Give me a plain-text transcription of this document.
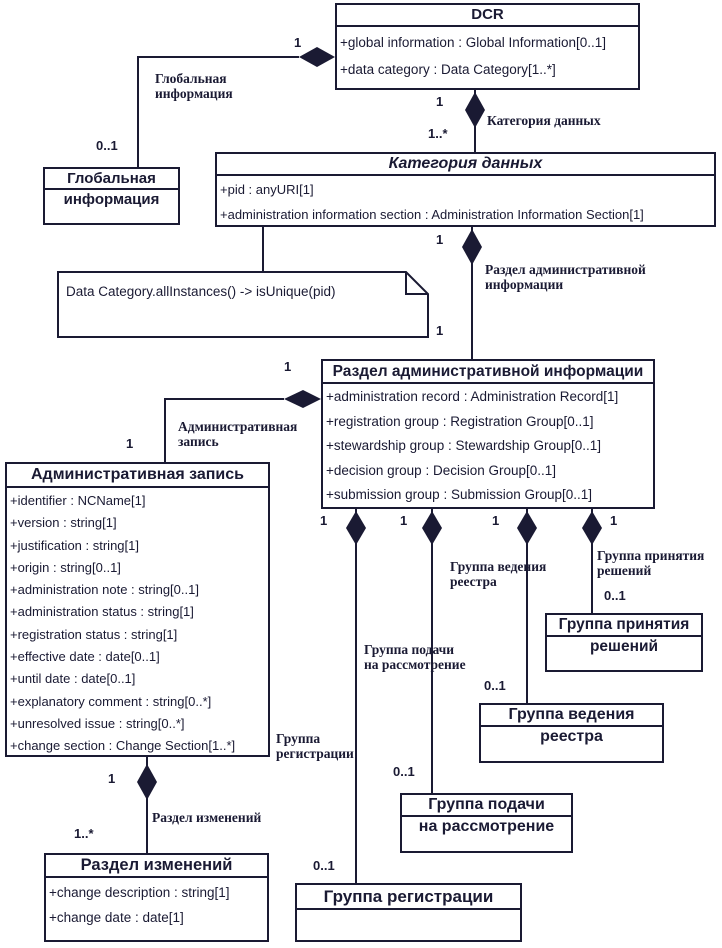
DCR
+global information : Global Information[0..1]
+data category : Data Category[1..*]
Глобальная
информация
Категория данных
+pid : anyURI[1]
+administration information section : Administration Information Section[1]
Data Category.allInstances() -> isUnique(pid)
Раздел административной информации
+administration record : Administration Record[1]
+registration group : Registration Group[0..1]
+stewardship group : Stewardship Group[0..1]
+decision group : Decision Group[0..1]
+submission group : Submission Group[0..1]
Административная запись
+identifier : NCName[1]
+version : string[1]
+justification : string[1]
+origin : string[0..1]
+administration note : string[0..1]
+administration status : string[1]
+registration status : string[1]
+effective date : date[0..1]
+until date : date[0..1]
+explanatory comment : string[0..*]
+unresolved issue : string[0..*]
+change section : Change Section[1..*]
Раздел изменений
+change description : string[1]
+change date : date[1]
Группа регистрации
Группа подачи
на рассмотрение
Группа ведения
реестра
Группа принятия
решений
Глобальная
информация
Категория данных
Раздел административной
информации
Административная
запись
Раздел изменений
Группа
регистрации
Группа подачи
на рассмотрение
Группа ведения
реестра
Группа принятия
решений
1
0..1
1
1..*
1
1
1
1
1
1..*
1	1	1	1
0..1
0..1
0..1
0..1
